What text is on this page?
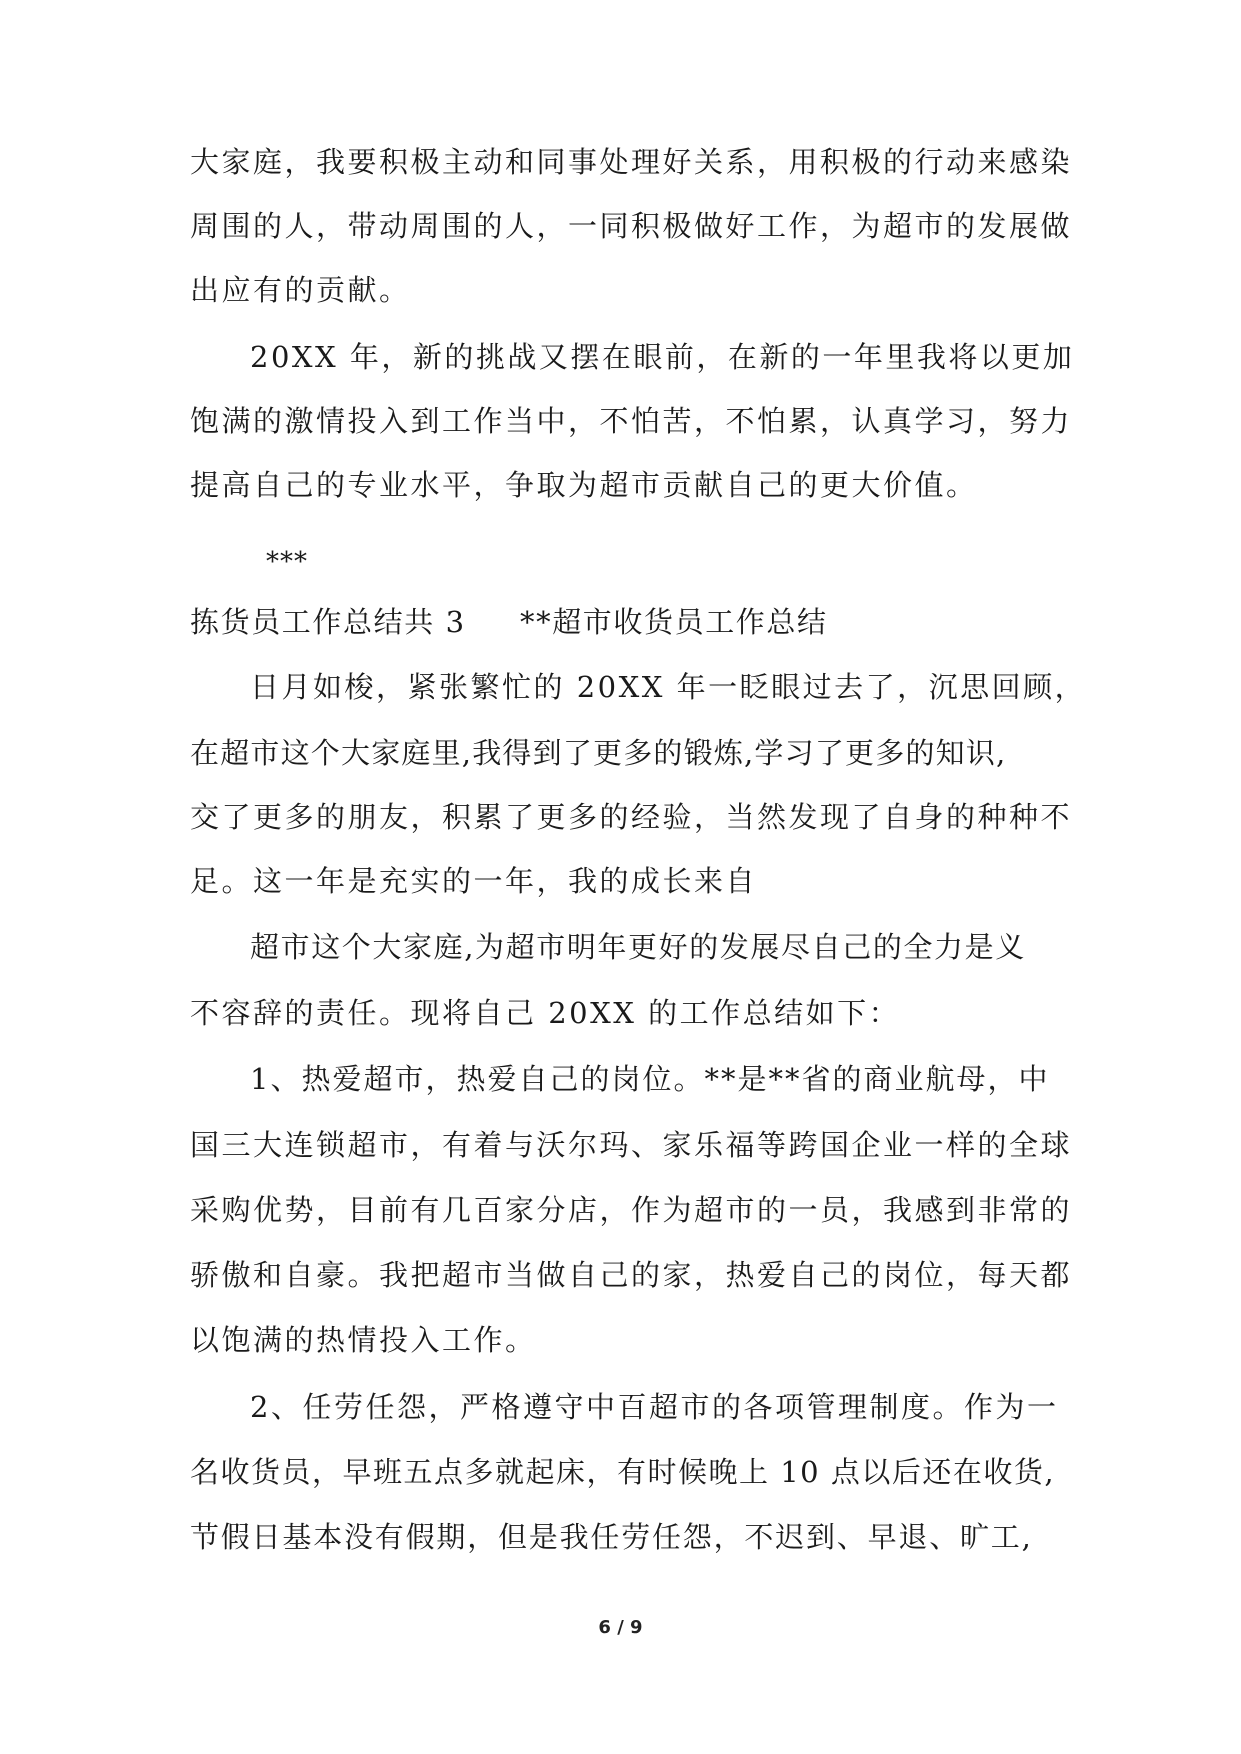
大家庭，我要积极主动和同事处理好关系，用积极的行动来感染
周围的人，带动周围的人，一同积极做好工作，为超市的发展做
出应有的贡献。
20XX 年，新的挑战又摆在眼前，在新的一年里我将以更加
饱满的激情投入到工作当中，不怕苦，不怕累，认真学习，努力
提高自己的专业水平，争取为超市贡献自己的更大价值。
***
拣货员工作总结共 3 **超市收货员工作总结
日月如梭，紧张繁忙的 20XX 年一眨眼过去了，沉思回顾，
在超市这个大家庭里,我得到了更多的锻炼,学习了更多的知识,
交了更多的朋友，积累了更多的经验，当然发现了自身的种种不
足。这一年是充实的一年，我的成长来自
超市这个大家庭,为超市明年更好的发展尽自己的全力是义
不容辞的责任。现将自己 20XX 的工作总结如下：
1、热爱超市，热爱自己的岗位。**是**省的商业航母，中
国三大连锁超市，有着与沃尔玛、家乐福等跨国企业一样的全球
采购优势，目前有几百家分店，作为超市的一员，我感到非常的
骄傲和自豪。我把超市当做自己的家，热爱自己的岗位，每天都
以饱满的热情投入工作。
2、任劳任怨，严格遵守中百超市的各项管理制度。作为一
名收货员，早班五点多就起床，有时候晚上 10 点以后还在收货,
节假日基本没有假期，但是我任劳任怨，不迟到、早退、旷工,
6 / 9
